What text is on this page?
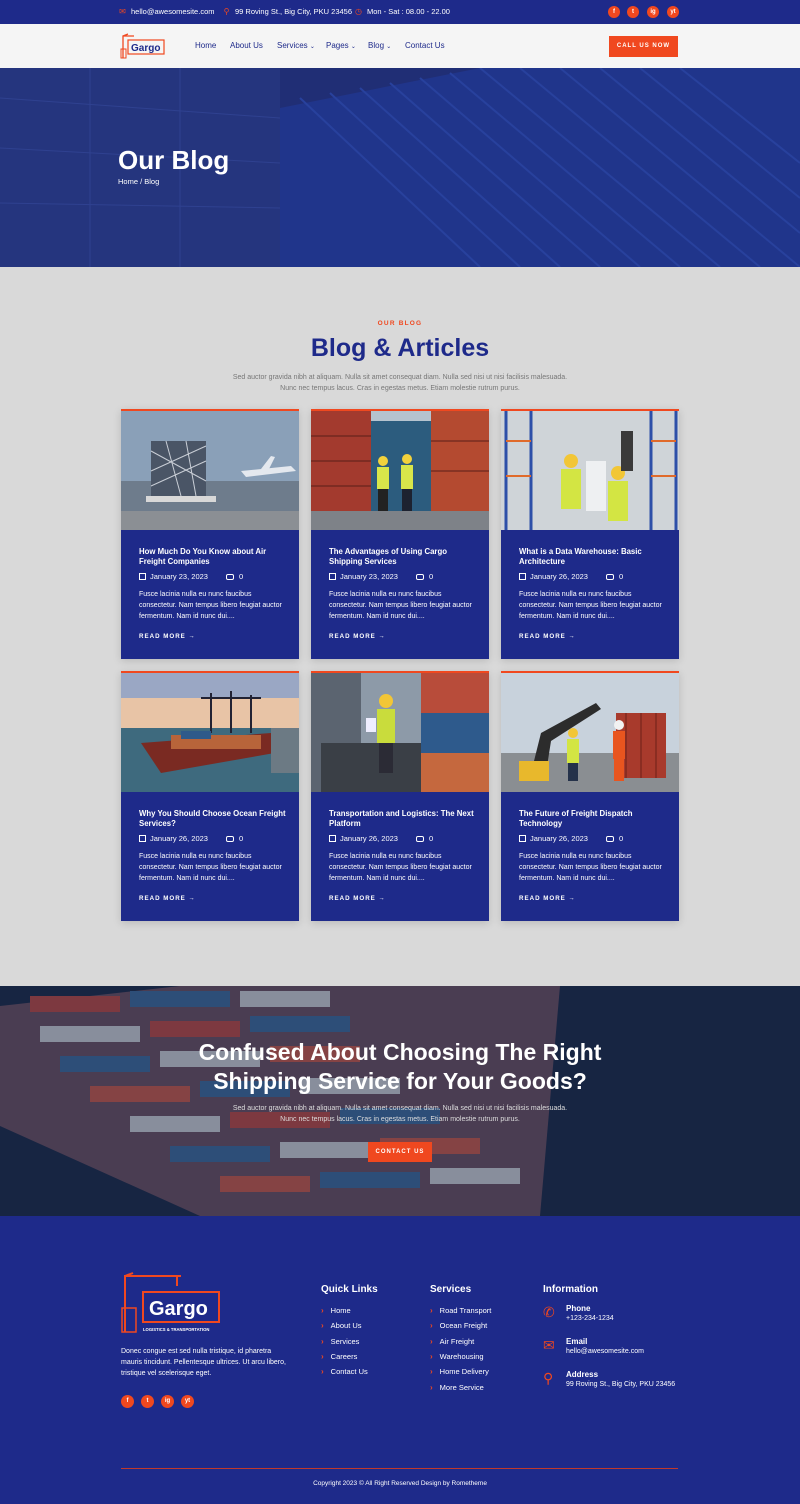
✉ hello@awesomesite.com ⚲ 99 Roving St., Big City, PKU 23456 ◷ Mon - Sat : 08.00 - 22.00	f	t	ig	yt
Gargo	Home About Us Services ⌄ Pages ⌄ Blog ⌄ Contact Us	CALL US NOW
Our Blog
Home / Blog
OUR BLOG
Blog & Articles
Sed auctor gravida nibh at aliquam. Nulla sit amet consequat diam. Nulla sed nisi ut nisi facilisis malesuada.
Nunc nec tempus lacus. Cras in egestas metus. Etiam molestie rutrum purus.
How Much Do You Know about Air Freight Companies
January 23, 2023	0
Fusce lacinia nulla eu nunc faucibus consectetur. Nam tempus libero feugiat auctor fermentum. Nam id nunc dui....
READ MORE →
The Advantages of Using Cargo Shipping Services
January 23, 2023	0
Fusce lacinia nulla eu nunc faucibus consectetur. Nam tempus libero feugiat auctor fermentum. Nam id nunc dui....
READ MORE →
What is a Data Warehouse: Basic Architecture
January 26, 2023	0
Fusce lacinia nulla eu nunc faucibus consectetur. Nam tempus libero feugiat auctor fermentum. Nam id nunc dui....
READ MORE →
Why You Should Choose Ocean Freight Services?
January 26, 2023	0
Fusce lacinia nulla eu nunc faucibus consectetur. Nam tempus libero feugiat auctor fermentum. Nam id nunc dui....
READ MORE →
Transportation and Logistics: The Next Platform
January 26, 2023	0
Fusce lacinia nulla eu nunc faucibus consectetur. Nam tempus libero feugiat auctor fermentum. Nam id nunc dui....
READ MORE →
The Future of Freight Dispatch Technology
January 26, 2023	0
Fusce lacinia nulla eu nunc faucibus consectetur. Nam tempus libero feugiat auctor fermentum. Nam id nunc dui....
READ MORE →
Confused About Choosing The Right
Shipping Service for Your Goods?
Sed auctor gravida nibh at aliquam. Nulla sit amet consequat diam. Nulla sed nisi ut nisi facilisis malesuada.
Nunc nec tempus lacus. Cras in egestas metus. Etiam molestie rutrum purus.
CONTACT US
Gargo
LOGISTICS & TRANSPORTATION
Donec congue est sed nulla tristique, id pharetra mauris tincidunt. Pellentesque ultrices. Ut arcu libero, tristique vel scelerisque eget.
f	t	ig	yt
Quick Links
› Home
› About Us
› Services
› Careers
› Contact Us
Services
› Road Transport
› Ocean Freight
› Air Freight
› Warehousing
› Home Delivery
› More Service
Information
✆	Phone
+123-234-1234
✉	Email
hello@awesomesite.com
⚲	Address
99 Roving St., Big City, PKU 23456
Copyright 2023 © All Right Reserved Design by Rometheme
